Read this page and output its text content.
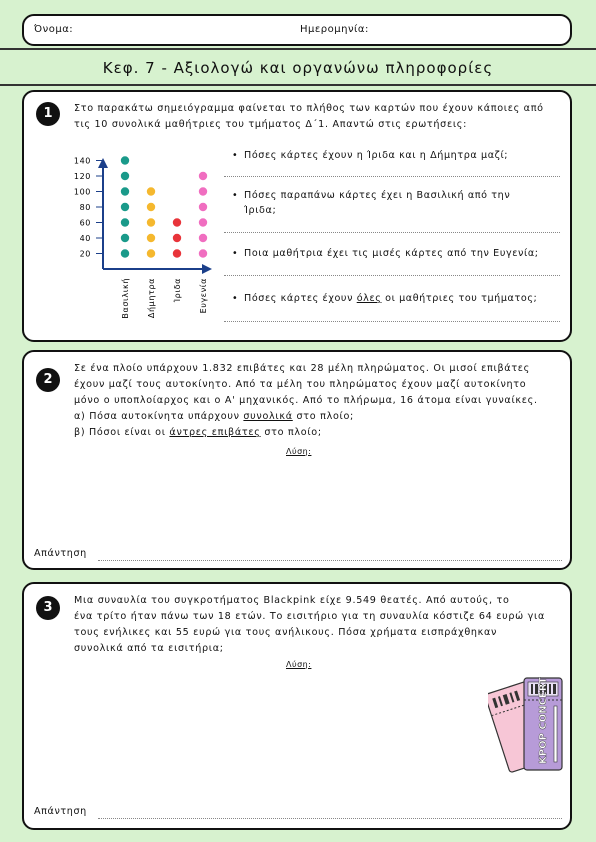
Όνομα:	Ημερομηνία:
Κεφ. 7 - Αξιολογώ και οργανώνω πληροφορίες
1	Στο παρακάτω σημειόγραμμα φαίνεται το πλήθος των καρτών που έχουν κάποιες από τις 10 συνολικά μαθήτριες του τμήματος Δ΄1. Απαντώ στις ερωτήσεις:
20
40
60
80
100
120
140
Βασιλική Δήμητρα Ίριδα Ευγενία
• Πόσες κάρτες έχουν η Ίριδα και η Δήμητρα μαζί;
• Πόσες παραπάνω κάρτες έχει η Βασιλική από την Ίριδα;
• Ποια μαθήτρια έχει τις μισές κάρτες από την Ευγενία;
• Πόσες κάρτες έχουν όλες οι μαθήτριες του τμήματος;
2
Σε ένα πλοίο υπάρχουν 1.832 επιβάτες και 28 μέλη πληρώματος. Οι μισοί επιβάτες
έχουν μαζί τους αυτοκίνητο. Από τα μέλη του πληρώματος έχουν μαζί αυτοκίνητο
μόνο ο υποπλοίαρχος και ο Α' μηχανικός. Από το πλήρωμα, 16 άτομα είναι γυναίκες.
α) Πόσα αυτοκίνητα υπάρχουν συνολικά στο πλοίο;
β) Πόσοι είναι οι άντρες επιβάτες στο πλοίο;
Λύση:
Απάντηση
3	Μια συναυλία του συγκροτήματος Blackpink είχε 9.549 θεατές. Από αυτούς, το
ένα τρίτο ήταν πάνω των 18 ετών. Το εισιτήριο για τη συναυλία κόστιζε 64 ευρώ για
τους ενήλικες και 55 ευρώ για τους ανήλικους. Πόσα χρήματα εισπράχθηκαν
συνολικά από τα εισιτήρια;
Λύση:
KPOP CONCERT
Απάντηση
